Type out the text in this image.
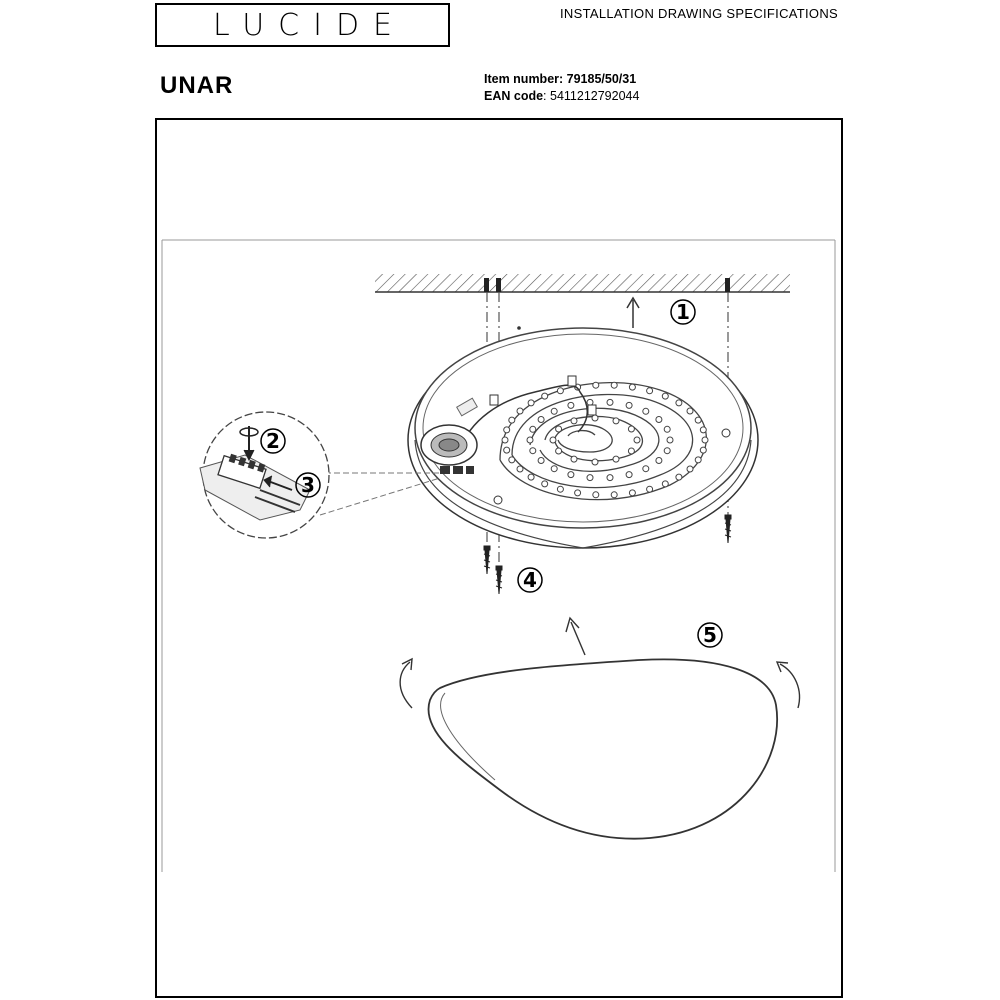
LUCIDE	INSTALLATION DRAWING SPECIFICATIONS
UNAR	Item number: 79185/50/31
EAN code: 5411212792044
1
4
2
3
5
